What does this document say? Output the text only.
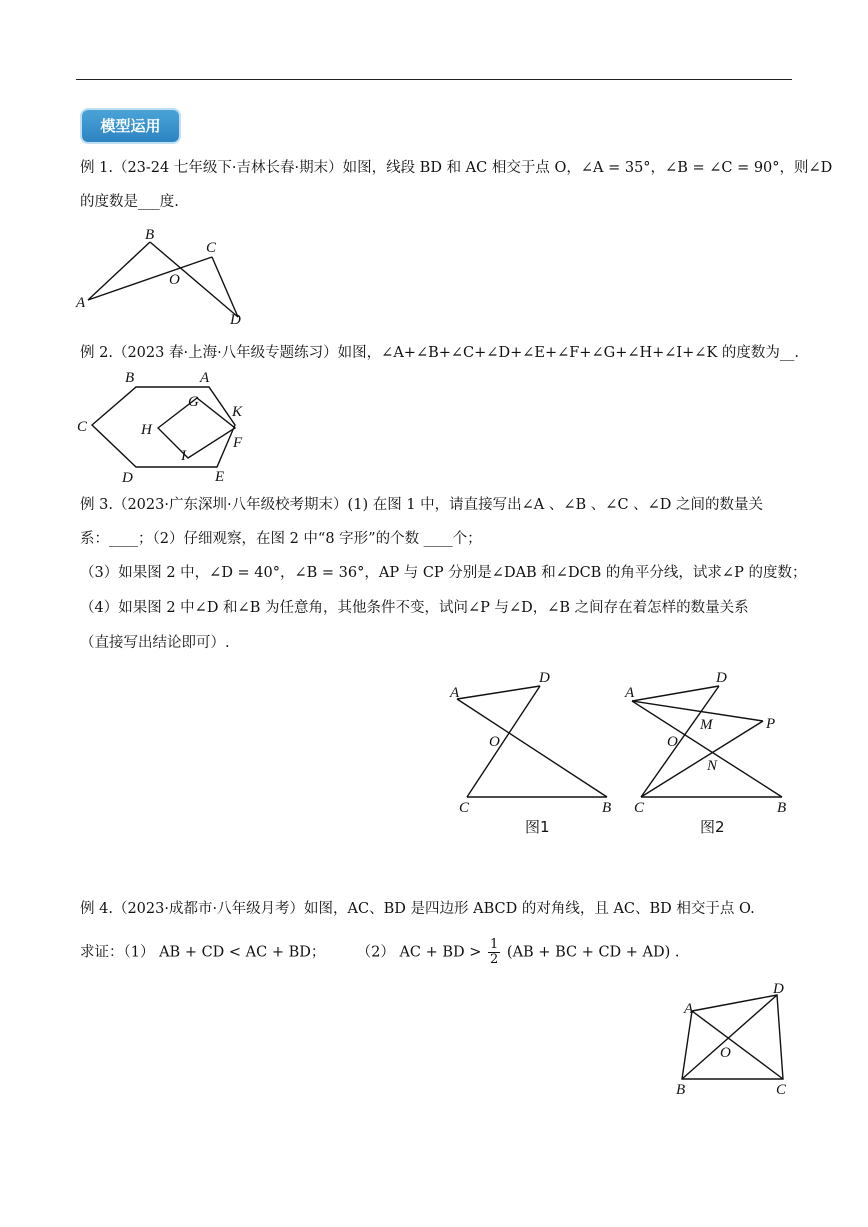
模型运用
例 1.（23-24 七年级下·吉林长春·期末）如图，线段 BD 和 AC 相交于点 O，∠A = 35°，∠B = ∠C = 90°，则∠D
的度数是___度.
A
B
C
D
O
例 2.（2023 春·上海·八年级专题练习）如图，∠A+∠B+∠C+∠D+∠E+∠F+∠G+∠H+∠I+∠K 的度数为__.
C
B	A
K
F
E
D
H
G
I
例 3.（2023·广东深圳·八年级校考期末）(1) 在图 1 中，请直接写出∠A 、∠B 、∠C 、∠D 之间的数量关
系：____；（2）仔细观察，在图 2 中“8 字形”的个数 ____个；
（3）如果图 2 中，∠D = 40°，∠B = 36°，AP 与 CP 分别是∠DAB 和∠DCB 的角平分线，试求∠P 的度数；
（4）如果图 2 中∠D 和∠B 为任意角，其他条件不变，试问∠P 与∠D，∠B 之间存在着怎样的数量关系
（直接写出结论即可）.
A
D
O
C	B
图1
A
D
P
M
O
N
C	B
图2
例 4.（2023·成都市·八年级月考）如图，AC、BD 是四边形 ABCD 的对角线，且 AC、BD 相交于点 O.
求证：（1） AB + CD < AC + BD； （2） AC + BD > $\frac{1}{2} (AB$ + BC + CD + AD) .
A
D
O
B	C
